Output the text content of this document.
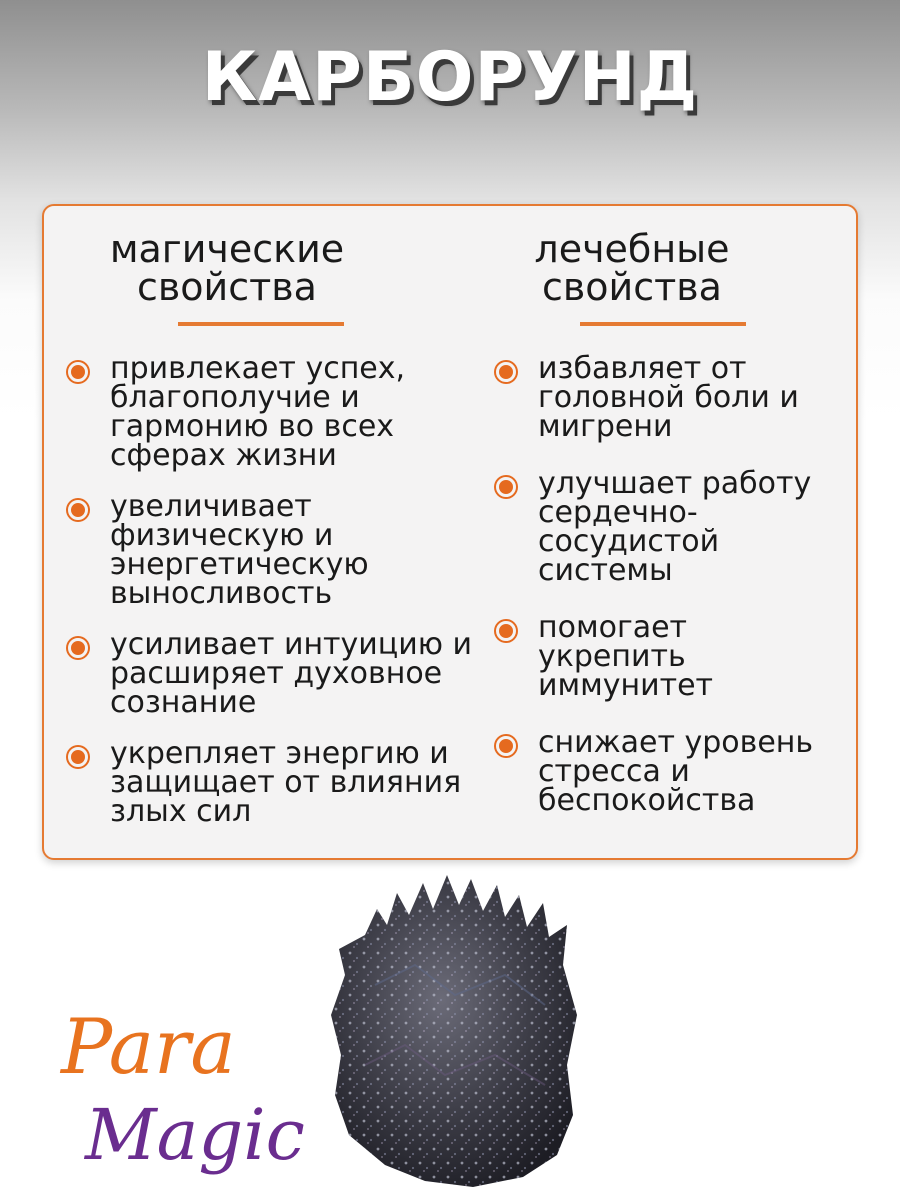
КАРБОРУНД
магические
свойства
привлекает успех,
благополучие и
гармонию во всех
сферах жизни
увеличивает
физическую и
энергетическую
выносливость
усиливает интуицию и
расширяет духовное
сознание
укрепляет энергию и
защищает от влияния
злых сил
лечебные
свойства
избавляет от
головной боли и
мигрени
улучшает работу
сердечно-
сосудистой
системы
помогает
укрепить
иммунитет
снижает уровень
стресса и
беспокойства
Para
Magic
